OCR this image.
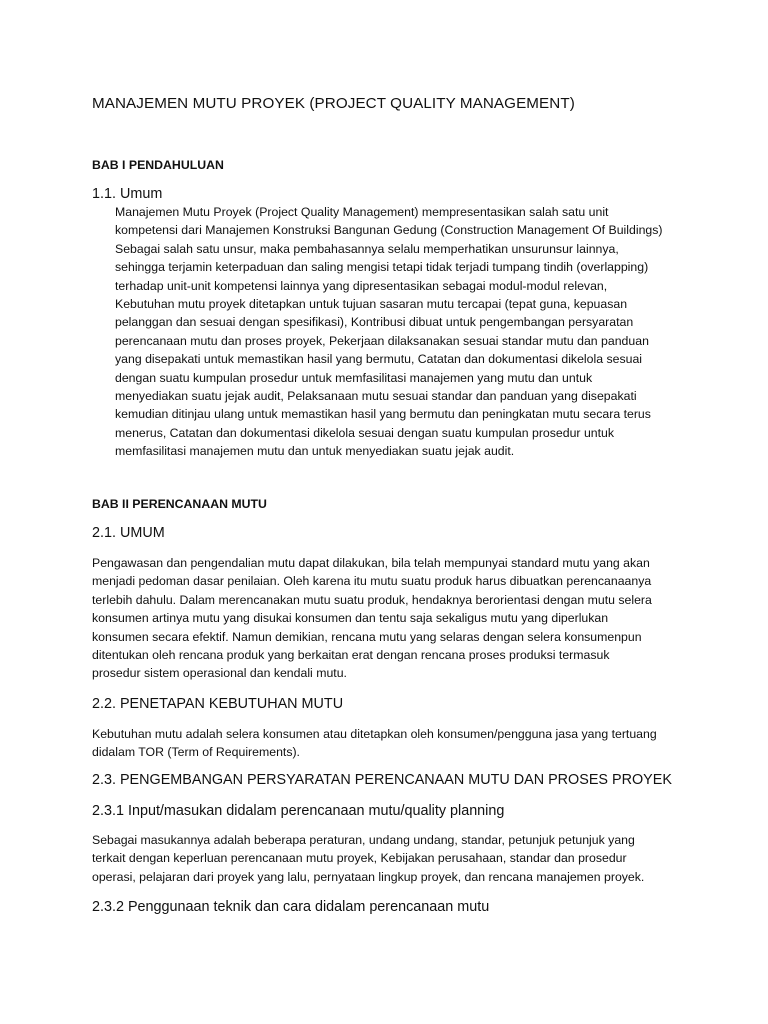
MANAJEMEN MUTU PROYEK (PROJECT QUALITY MANAGEMENT)
BAB I PENDAHULUAN
1.1. Umum
Manajemen Mutu Proyek (Project Quality Management) mempresentasikan salah satu unit
kompetensi dari Manajemen Konstruksi Bangunan Gedung (Construction Management Of Buildings)
Sebagai salah satu unsur, maka pembahasannya selalu memperhatikan unsurunsur lainnya,
sehingga terjamin keterpaduan dan saling mengisi tetapi tidak terjadi tumpang tindih (overlapping)
terhadap unit-unit kompetensi lainnya yang dipresentasikan sebagai modul-modul relevan,
Kebutuhan mutu proyek ditetapkan untuk tujuan sasaran mutu tercapai (tepat guna, kepuasan
pelanggan dan sesuai dengan spesifikasi), Kontribusi dibuat untuk pengembangan persyaratan
perencanaan mutu dan proses proyek, Pekerjaan dilaksanakan sesuai standar mutu dan panduan
yang disepakati untuk memastikan hasil yang bermutu, Catatan dan dokumentasi dikelola sesuai
dengan suatu kumpulan prosedur untuk memfasilitasi manajemen yang mutu dan untuk
menyediakan suatu jejak audit, Pelaksanaan mutu sesuai standar dan panduan yang disepakati
kemudian ditinjau ulang untuk memastikan hasil yang bermutu dan peningkatan mutu secara terus
menerus, Catatan dan dokumentasi dikelola sesuai dengan suatu kumpulan prosedur untuk
memfasilitasi manajemen mutu dan untuk menyediakan suatu jejak audit.
BAB II PERENCANAAN MUTU
2.1. UMUM
Pengawasan dan pengendalian mutu dapat dilakukan, bila telah mempunyai standard mutu yang akan
menjadi pedoman dasar penilaian. Oleh karena itu mutu suatu produk harus dibuatkan perencanaanya
terlebih dahulu. Dalam merencanakan mutu suatu produk, hendaknya berorientasi dengan mutu selera
konsumen artinya mutu yang disukai konsumen dan tentu saja sekaligus mutu yang diperlukan
konsumen secara efektif. Namun demikian, rencana mutu yang selaras dengan selera konsumenpun
ditentukan oleh rencana produk yang berkaitan erat dengan rencana proses produksi termasuk
prosedur sistem operasional dan kendali mutu.
2.2. PENETAPAN KEBUTUHAN MUTU
Kebutuhan mutu adalah selera konsumen atau ditetapkan oleh konsumen/pengguna jasa yang tertuang
didalam TOR (Term of Requirements).
2.3. PENGEMBANGAN PERSYARATAN PERENCANAAN MUTU DAN PROSES PROYEK
2.3.1 Input/masukan didalam perencanaan mutu/quality planning
Sebagai masukannya adalah beberapa peraturan, undang undang, standar, petunjuk petunjuk yang
terkait dengan keperluan perencanaan mutu proyek, Kebijakan perusahaan, standar dan prosedur
operasi, pelajaran dari proyek yang lalu, pernyataan lingkup proyek, dan rencana manajemen proyek.
2.3.2 Penggunaan teknik dan cara didalam perencanaan mutu
